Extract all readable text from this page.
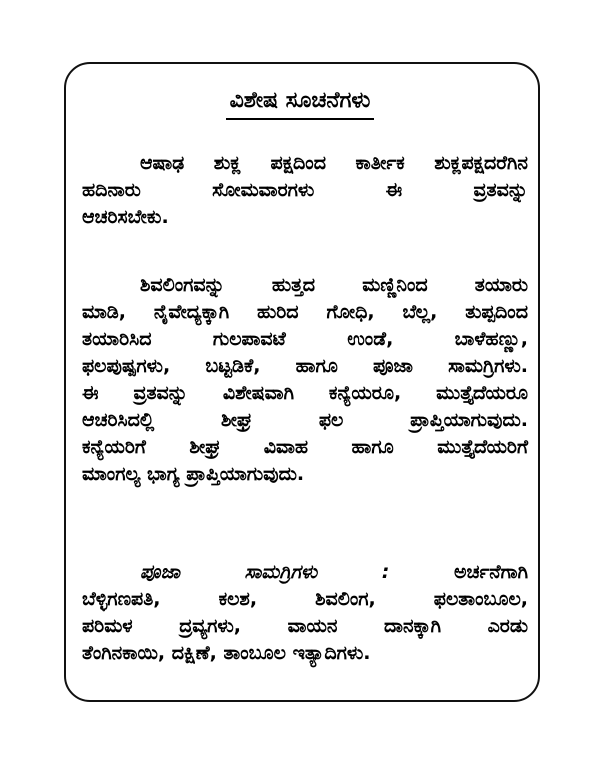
ವಿಶೇಷ ಸೂಚನೆಗಳು

ಆಷಾಢ ಶುಕ್ಲ ಪಕ್ಷದಿಂದ ಕಾರ್ತೀಕ ಶುಕ್ಲಪಕ್ಷದರೆಗಿನ
ಹದಿನಾರು ಸೋಮವಾರಗಳು ಈ ವ್ರತವನ್ನು
ಆಚರಿಸಬೇಕು.

ಶಿವಲಿಂಗವನ್ನು ಹುತ್ತದ ಮಣ್ಣಿನಿಂದ ತಯಾರು
ಮಾಡಿ, ನೈವೇದ್ಯಕ್ಕಾಗಿ ಹುರಿದ ಗೋಧಿ, ಬೆಲ್ಲ, ತುಪ್ಪದಿಂದ
ತಯಾರಿಸಿದ ಗುಲಪಾವಟೆ ಉಂಡೆ, ಬಾಳೆಹಣ್ಣು,
ಫಲಪುಷ್ಪಗಳು, ಬಟ್ಟಡಿಕೆ, ಹಾಗೂ ಪೂಜಾ ಸಾಮಗ್ರಿಗಳು.
ಈ ವ್ರತವನ್ನು ವಿಶೇಷವಾಗಿ ಕನ್ಯೆಯರೂ, ಮುತ್ತೈದೆಯರೂ
ಆಚರಿಸಿದಲ್ಲಿ ಶೀಘ್ರ ಫಲ ಪ್ರಾಪ್ತಿಯಾಗುವುದು.
ಕನ್ಯೆಯರಿಗೆ ಶೀಘ್ರ ವಿವಾಹ ಹಾಗೂ ಮುತ್ತೈದೆಯರಿಗೆ
ಮಾಂಗಲ್ಯ ಭಾಗ್ಯ ಪ್ರಾಪ್ತಿಯಾಗುವುದು.

ಪೂಜಾ ಸಾಮಗ್ರಿಗಳು :	ಅರ್ಚನೆಗಾಗಿ
ಬೆಳ್ಳಿಗಣಪತಿ, ಕಲಶ, ಶಿವಲಿಂಗ, ಫಲತಾಂಬೂಲ,
ಪರಿಮಳ ದ್ರವ್ಯಗಳು, ವಾಯನ ದಾನಕ್ಕಾಗಿ ಎರಡು
ತೆಂಗಿನಕಾಯಿ, ದಕ್ಷಿಣೆ, ತಾಂಬೂಲ ಇತ್ಯಾದಿಗಳು.
